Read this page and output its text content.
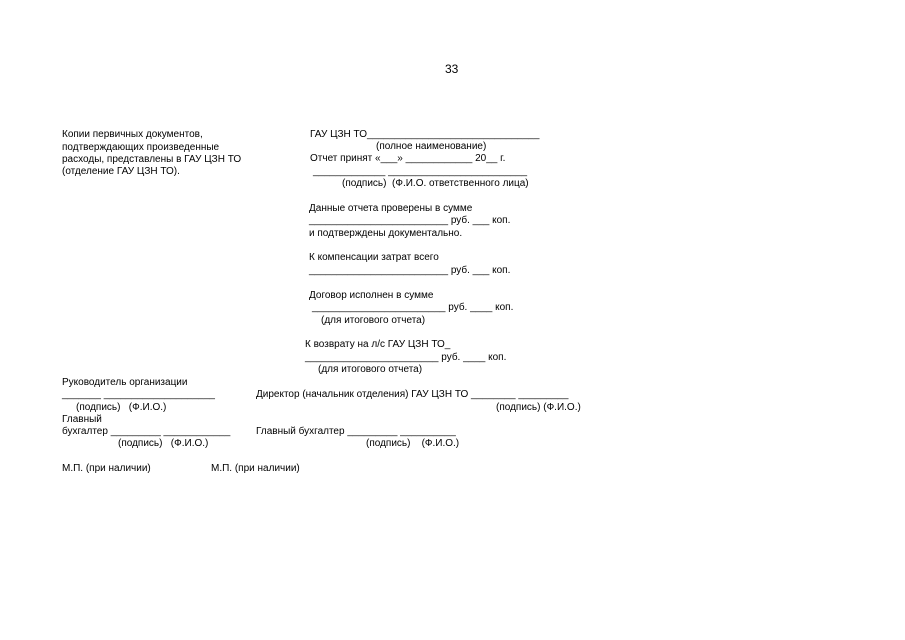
33
Копии первичных документов,
подтверждающих произведенные
расходы, представлены в ГАУ ЦЗН ТО
(отделение ГАУ ЦЗН ТО).
ГАУ ЦЗН ТО_______________________________
(полное наименование)
Отчет принят «___» ____________ 20__ г.
_____________ _________________________
(подпись)  (Ф.И.О. ответственного лица)
Данные отчета проверены в сумме
_________________________ руб. ___ коп.
и подтверждены документально.
К компенсации затрат всего
_________________________ руб. ___ коп.
Договор исполнен в сумме
________________________ руб. ____ коп.
(для итогового отчета)
К возврату на л/с ГАУ ЦЗН ТО_
________________________ руб. ____ коп.
(для итогового отчета)
Руководитель организации
_______ ____________________
(подпись)   (Ф.И.О.)
Директор (начальник отделения) ГАУ ЦЗН ТО ________ _________
(подпись) (Ф.И.О.)
Главный
бухгалтер _________ ____________
(подпись)   (Ф.И.О.)
Главный бухгалтер _________ __________
(подпись)    (Ф.И.О.)
М.П. (при наличии)	М.П. (при наличии)
